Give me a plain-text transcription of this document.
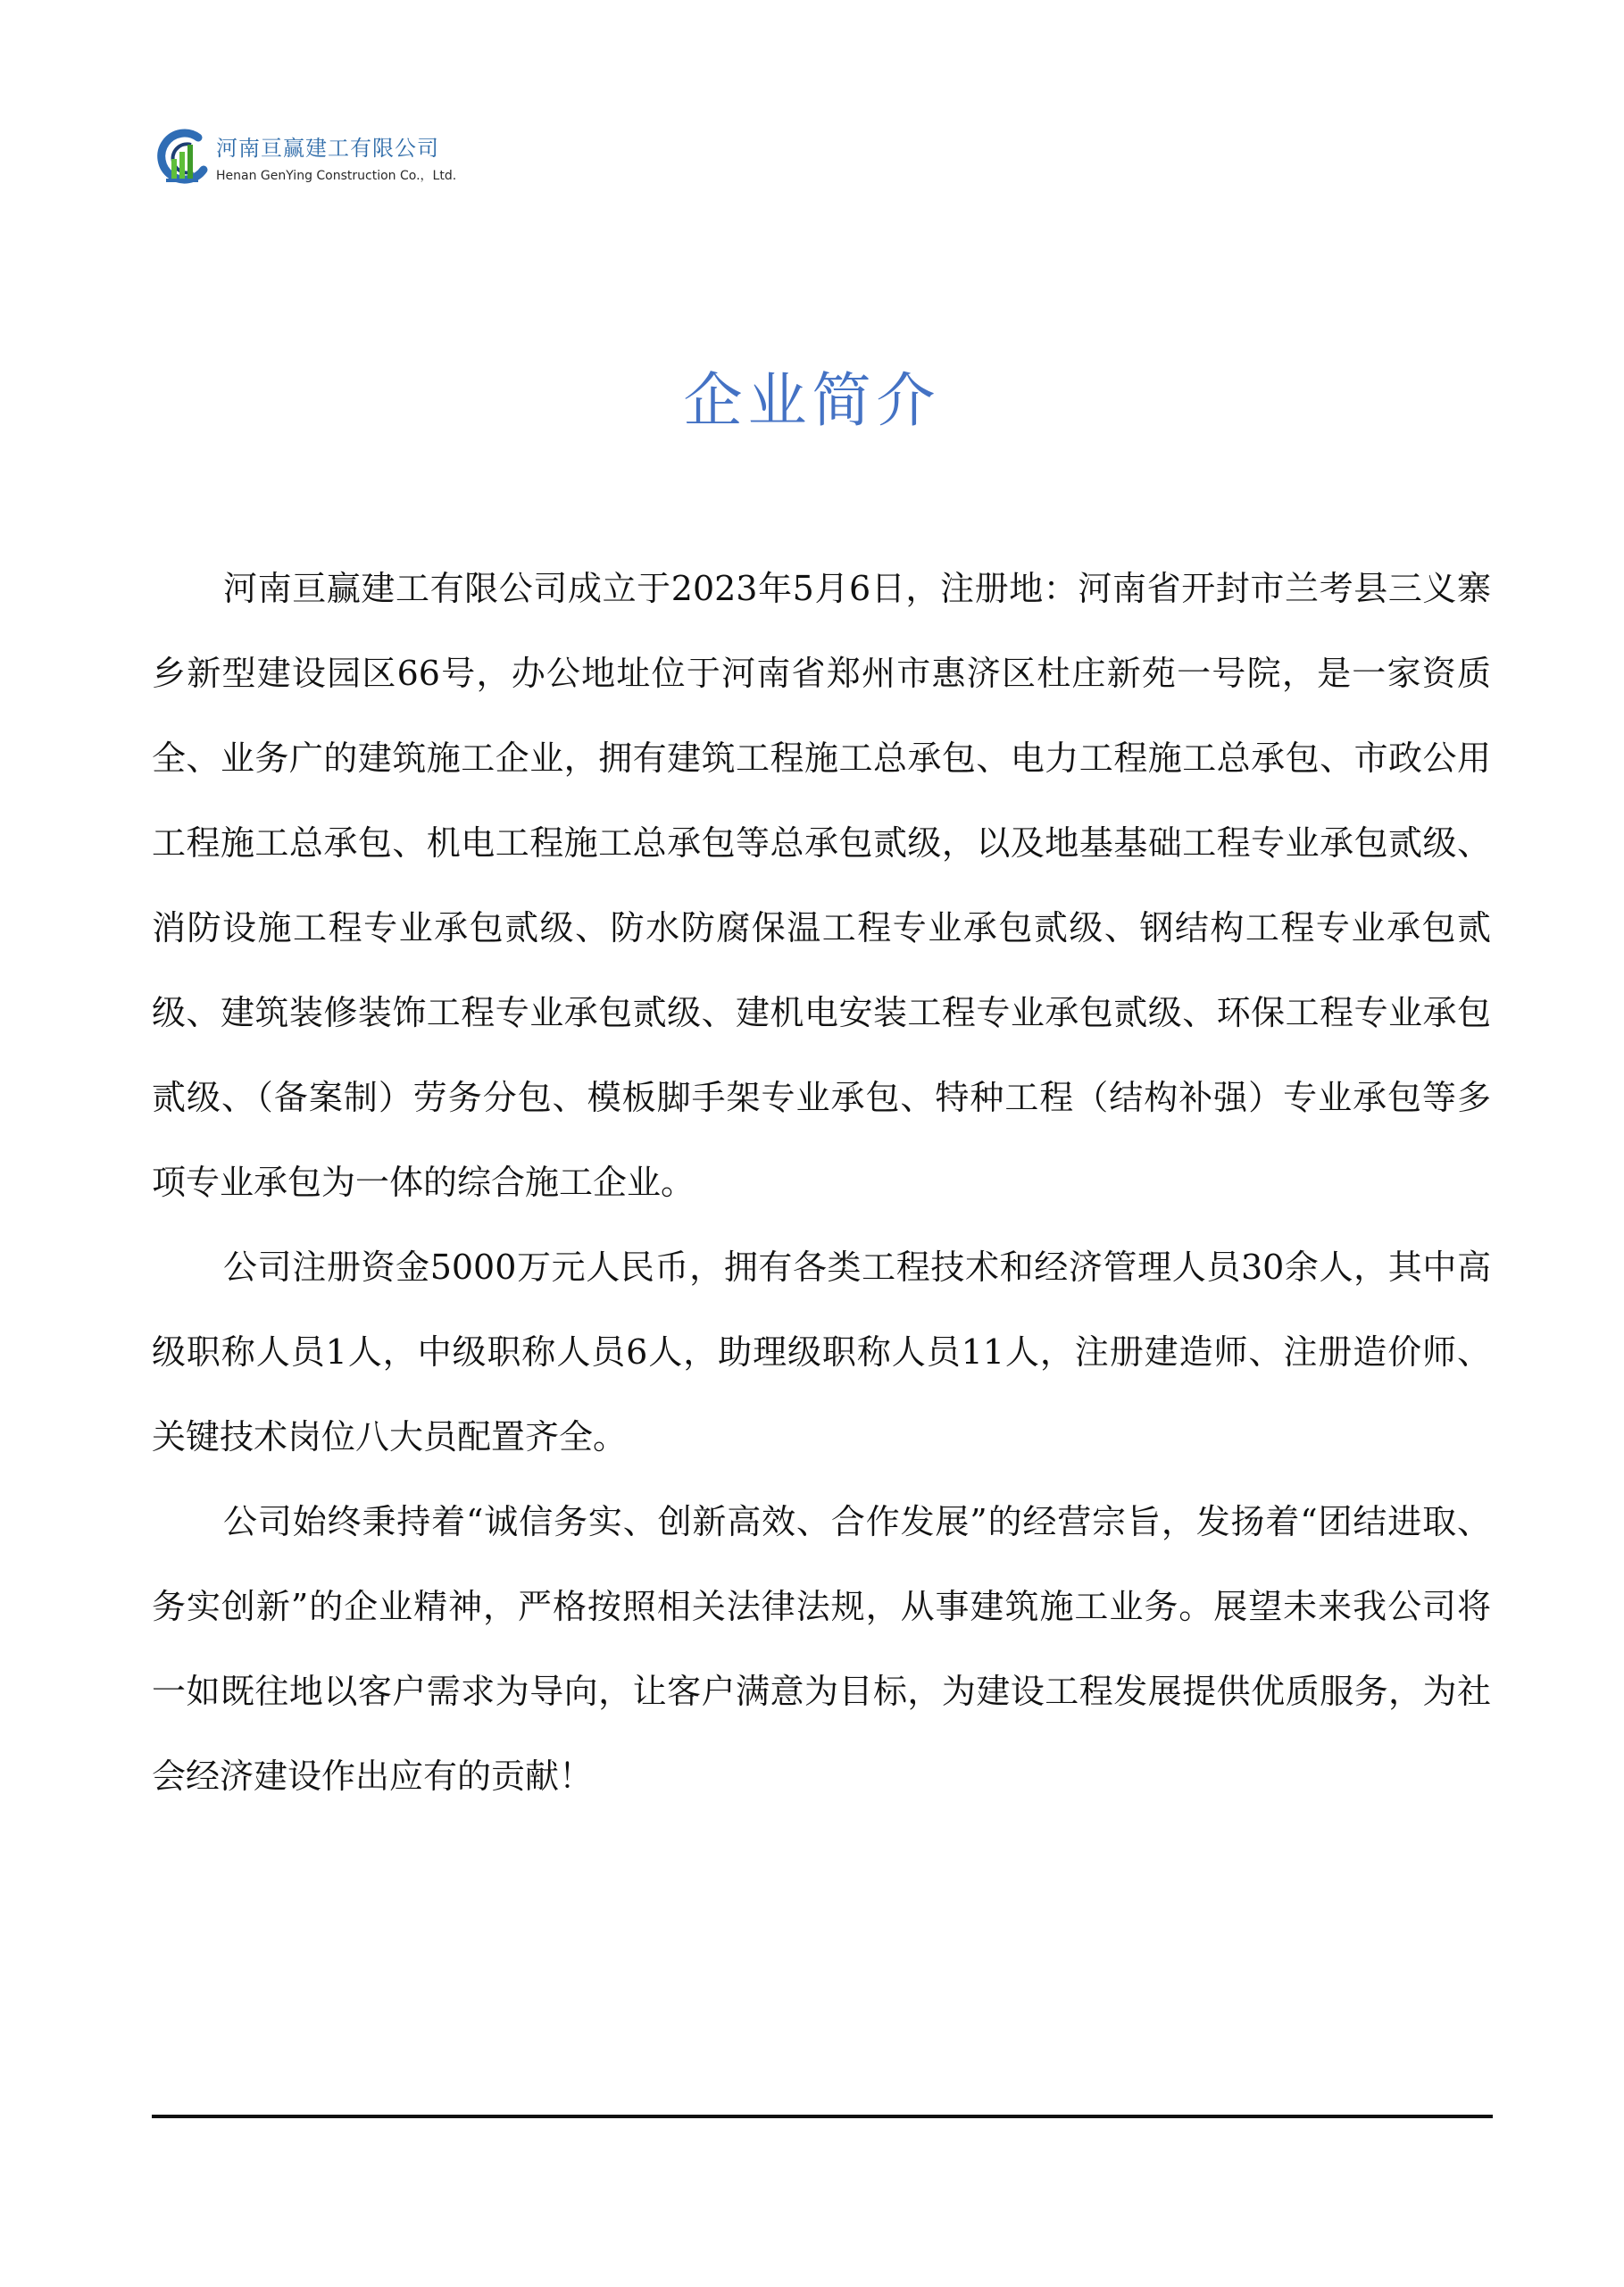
河南亘赢建工有限公司
Henan GenYing Construction Co.，Ltd.
企业简介

河南亘赢建工有限公司成立于2023年5月6日，注册地：河南省开封市兰考县三义寨乡新型建设园区66号，办公地址位于河南省郑州市惠济区杜庄新苑一号院，是一家资质全、业务广的建筑施工企业，拥有建筑工程施工总承包、电力工程施工总承包、市政公用工程施工总承包、机电工程施工总承包等总承包贰级，以及地基基础工程专业承包贰级、消防设施工程专业承包贰级、防水防腐保温工程专业承包贰级、钢结构工程专业承包贰级、建筑装修装饰工程专业承包贰级、建机电安装工程专业承包贰级、环保工程专业承包贰级、（备案制）劳务分包、模板脚手架专业承包、特种工程（结构补强）专业承包等多项专业承包为一体的综合施工企业。

公司注册资金5000万元人民币，拥有各类工程技术和经济管理人员30余人，其中高级职称人员1人，中级职称人员6人，助理级职称人员11人，注册建造师、注册造价师、关键技术岗位八大员配置齐全。

公司始终秉持着“诚信务实、创新高效、合作发展”的经营宗旨，发扬着“团结进取、务实创新”的企业精神，严格按照相关法律法规，从事建筑施工业务。展望未来我公司将一如既往地以客户需求为导向，让客户满意为目标，为建设工程发展提供优质服务，为社会经济建设作出应有的贡献！
